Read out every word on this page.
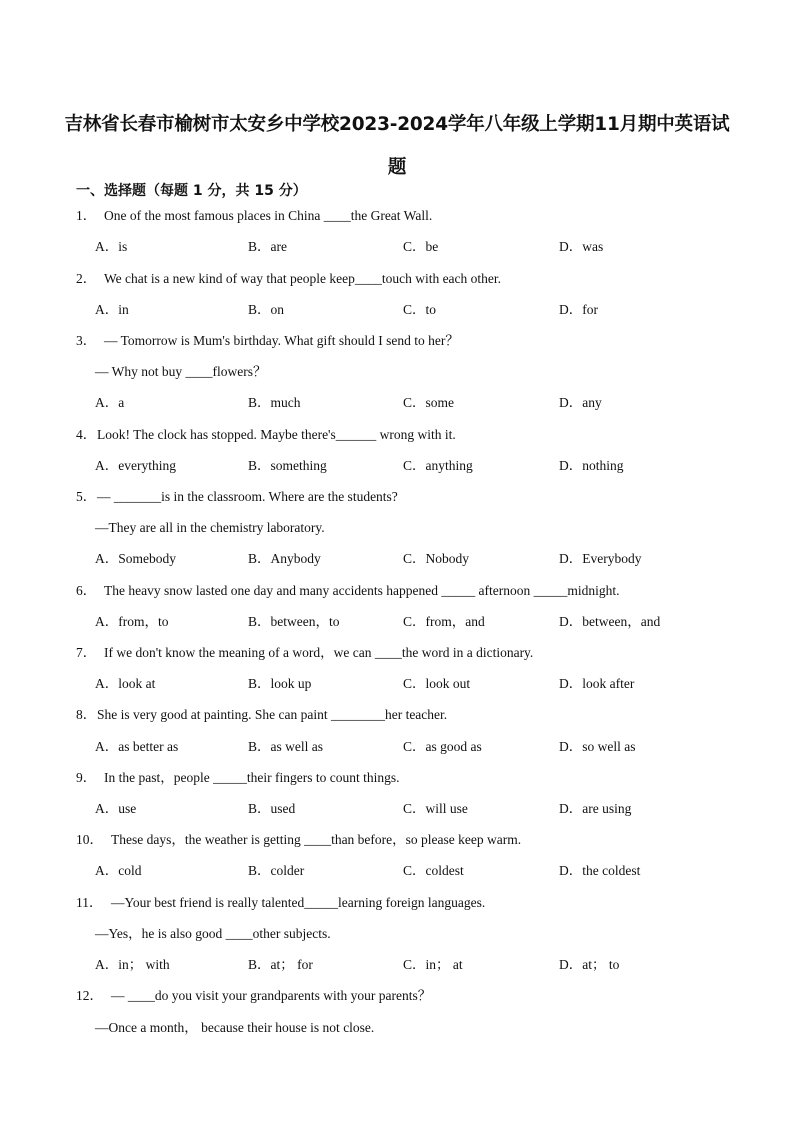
吉林省长春市榆树市太安乡中学校2023-2024学年八年级上学期11月期中英语试题
一、选择题（每题 1 分，共 15 分）
1． One of the most famous places in China ____the Great Wall.
A．is	B．are	C．be	D．was
2． We chat is a new kind of way that people keep____touch with each other.
A．in	B．on	C．to	D．for
3． — Tomorrow is Mum's birthday. What gift should I send to her？
— Why not buy ____flowers？
A．a	B．much	C．some	D．any
4．Look! The clock has stopped. Maybe there's______ wrong with it.
A．everything	B．something	C．anything	D．nothing
5．— _______is in the classroom. Where are the students?
—They are all in the chemistry laboratory.
A．Somebody	B．Anybody	C．Nobody	D．Everybody
6． The heavy snow lasted one day and many accidents happened _____ afternoon _____midnight.
A．from，to	B．between，to	C．from，and	D．between，and
7． If we don't know the meaning of a word，we can ____the word in a dictionary.
A．look at	B．look up	C．look out	D．look after
8．She is very good at painting. She can paint ________her teacher.
A．as better as	B．as well as	C．as good as	D．so well as
9． In the past，people _____their fingers to count things.
A．use	B．used	C．will use	D．are using
10． These days，the weather is getting ____than before，so please keep warm.
A．cold	B．colder	C．coldest	D．the coldest
11． —Your best friend is really talented_____learning foreign languages.
—Yes，he is also good ____other subjects.
A．in； with	B．at； for	C．in； at	D．at； to
12． — ____do you visit your grandparents with your parents？
—Once a month， because their house is not close.
